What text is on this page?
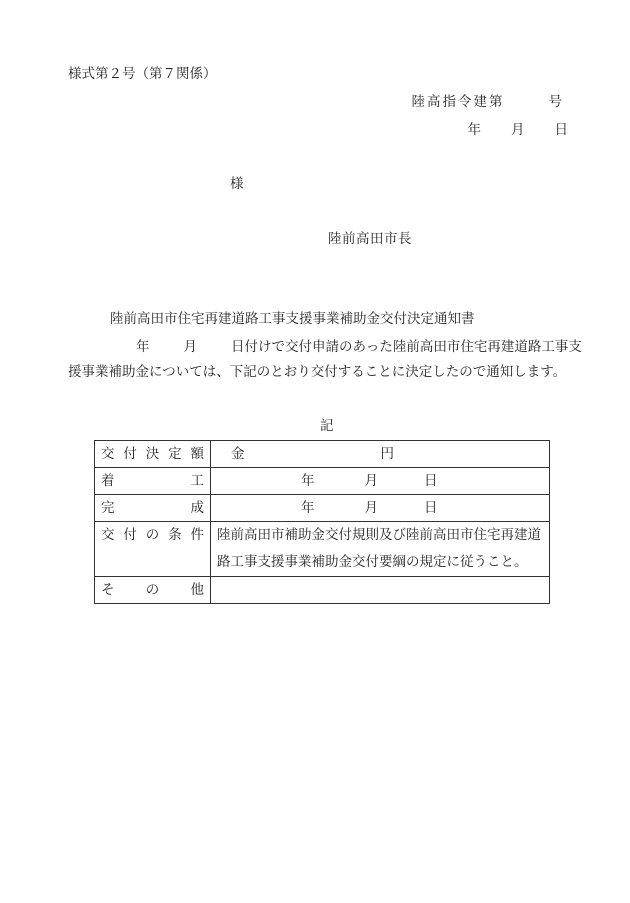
様式第２号（第７関係）
陸高指令建第	号
年 月 日
様
陸前高田市長
陸前高田市住宅再建道路工事支援事業補助金交付決定通知書
年	月	日付けで交付申請のあった陸前高田市住宅再建道路工事支援事業補助金については、下記のとおり交付することに決定したので通知します。
記
交 付 決 定 額	金 円

着 工	年 月 日

完 成	年 月 日

交 付 の 条 件	陸前高田市補助金交付規則及び陸前高田市住宅再建道路工事支援事業補助金交付要綱の規定に従うこと。

そ の 他	
